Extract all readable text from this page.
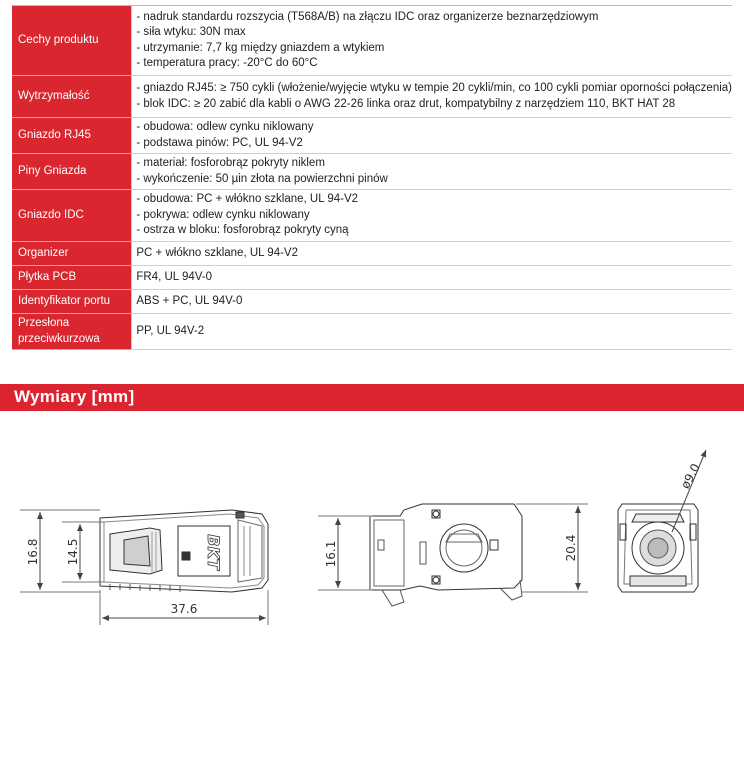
Cechy produktu	- nadruk standardu rozszycia (T568A/B) na złączu IDC oraz organizerze beznarzędziowym
- siła wtyku: 30N max
- utrzymanie: 7,7 kg między gniazdem a wtykiem
- temperatura pracy: -20°C do 60°C

Wytrzymałość	- gniazdo RJ45: ≥ 750 cykli (włożenie/wyjęcie wtyku w tempie 20 cykli/min, co 100 cykli pomiar oporności połączenia)
- blok IDC: ≥ 20 zabić dla kabli o AWG 22-26 linka oraz drut, kompatybilny z narzędziem 110, BKT HAT 28

Gniazdo RJ45	- obudowa: odlew cynku niklowany
- podstawa pinów: PC, UL 94-V2

Piny Gniazda	- materiał: fosforobrąz pokryty niklem
- wykończenie: 50 µin złota na powierzchni pinów

Gniazdo IDC	- obudowa: PC + włókno szklane, UL 94-V2
- pokrywa: odlew cynku niklowany
- ostrza w bloku: fosforobrąz pokryty cyną

Organizer	PC + włókno szklane, UL 94-V2

Płytka PCB	FR4, UL 94V-0

Identyfikator portu	ABS + PC, UL 94V-0

Przesłona przeciwkurzowa	PP, UL 94V-2
Wymiary [mm]
16.8 14.5
37.6
BKT	16.1	20.4
ø9.0
